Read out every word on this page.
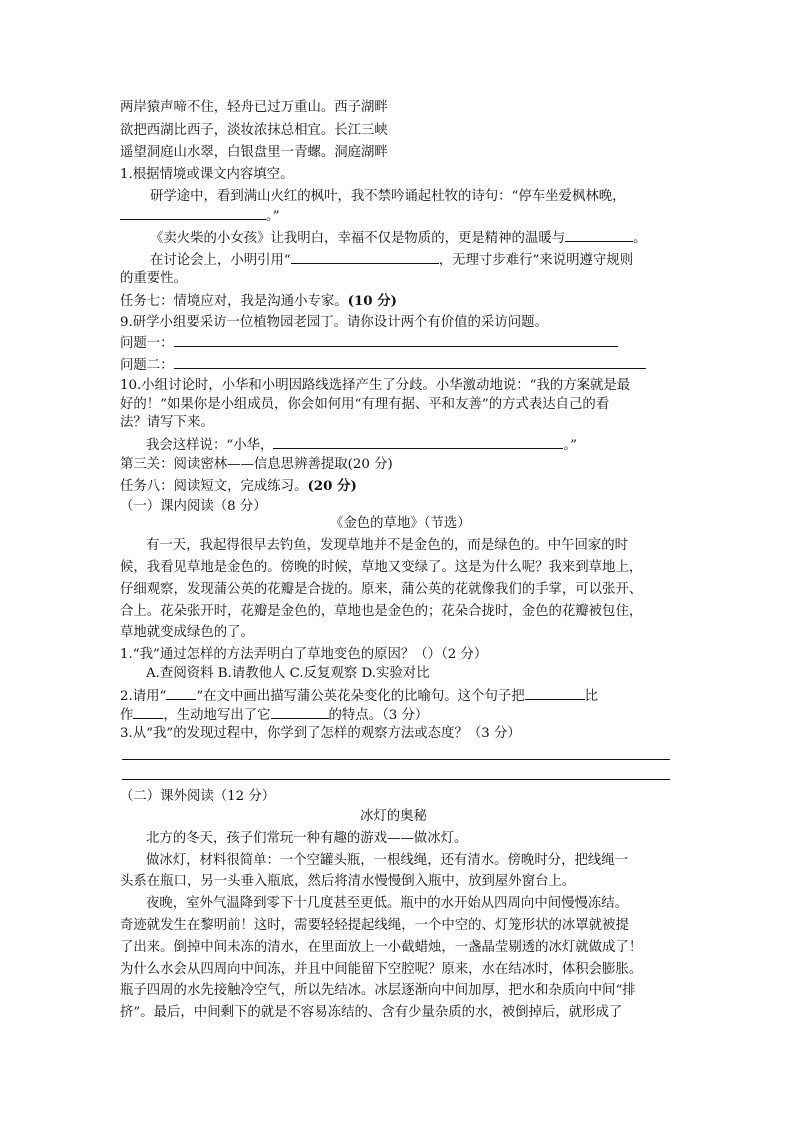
两岸猿声啼不住，轻舟已过万重山。西子湖畔
欲把西湖比西子，淡妆浓抹总相宜。长江三峡
遥望洞庭山水翠，白银盘里一青螺。洞庭湖畔
1.根据情境或课文内容填空。
研学途中，看到满山火红的枫叶，我不禁吟诵起杜牧的诗句：“停车坐爱枫林晚，
。”
《卖火柴的小女孩》让我明白，幸福不仅是物质的，更是精神的温暖与	。
在讨论会上，小明引用“	，无理寸步难行”来说明遵守规则
的重要性。
任务七：情境应对，我是沟通小专家。(10 分)
9.研学小组要采访一位植物园老园丁。请你设计两个有价值的采访问题。
问题一：
问题二：
10.小组讨论时，小华和小明因路线选择产生了分歧。小华激动地说：“我的方案就是最
好的！”如果你是小组成员，你会如何用“有理有据、平和友善”的方式表达自己的看
法？请写下来。
我会这样说：“小华，	。”
第三关：阅读密林——信息思辨善提取(20 分)
任务八：阅读短文，完成练习。(20 分)
（一）课内阅读（8 分）
《金色的草地》（节选）
有一天，我起得很早去钓鱼，发现草地并不是金色的，而是绿色的。中午回家的时
候，我看见草地是金色的。傍晚的时候，草地又变绿了。这是为什么呢？我来到草地上，
仔细观察，发现蒲公英的花瓣是合拢的。原来，蒲公英的花就像我们的手掌，可以张开、
合上。花朵张开时，花瓣是金色的，草地也是金色的；花朵合拢时，金色的花瓣被包住，
草地就变成绿色的了。
1.“我”通过怎样的方法弄明白了草地变色的原因？（）（2 分）
A.查阅资料 B.请教他人 C.反复观察 D.实验对比
2.请用“ ”在文中画出描写蒲公英花朵变化的比喻句。这个句子把	比
作 ，生动地写出了它	的特点。（3 分）
3.从“我”的发现过程中，你学到了怎样的观察方法或态度？（3 分）
（二）课外阅读（12 分）
冰灯的奥秘
北方的冬天，孩子们常玩一种有趣的游戏——做冰灯。
做冰灯，材料很简单：一个空罐头瓶，一根线绳，还有清水。傍晚时分，把线绳一
头系在瓶口，另一头垂入瓶底，然后将清水慢慢倒入瓶中，放到屋外窗台上。
夜晚，室外气温降到零下十几度甚至更低。瓶中的水开始从四周向中间慢慢冻结。
奇迹就发生在黎明前！这时，需要轻轻提起线绳，一个中空的、灯笼形状的冰罩就被提
了出来。倒掉中间未冻的清水，在里面放上一小截蜡烛，一盏晶莹剔透的冰灯就做成了！
为什么水会从四周向中间冻，并且中间能留下空腔呢？原来，水在结冰时，体积会膨胀。
瓶子四周的水先接触冷空气，所以先结冰。冰层逐渐向中间加厚，把水和杂质向中间“排
挤”。最后，中间剩下的就是不容易冻结的、含有少量杂质的水，被倒掉后，就形成了
